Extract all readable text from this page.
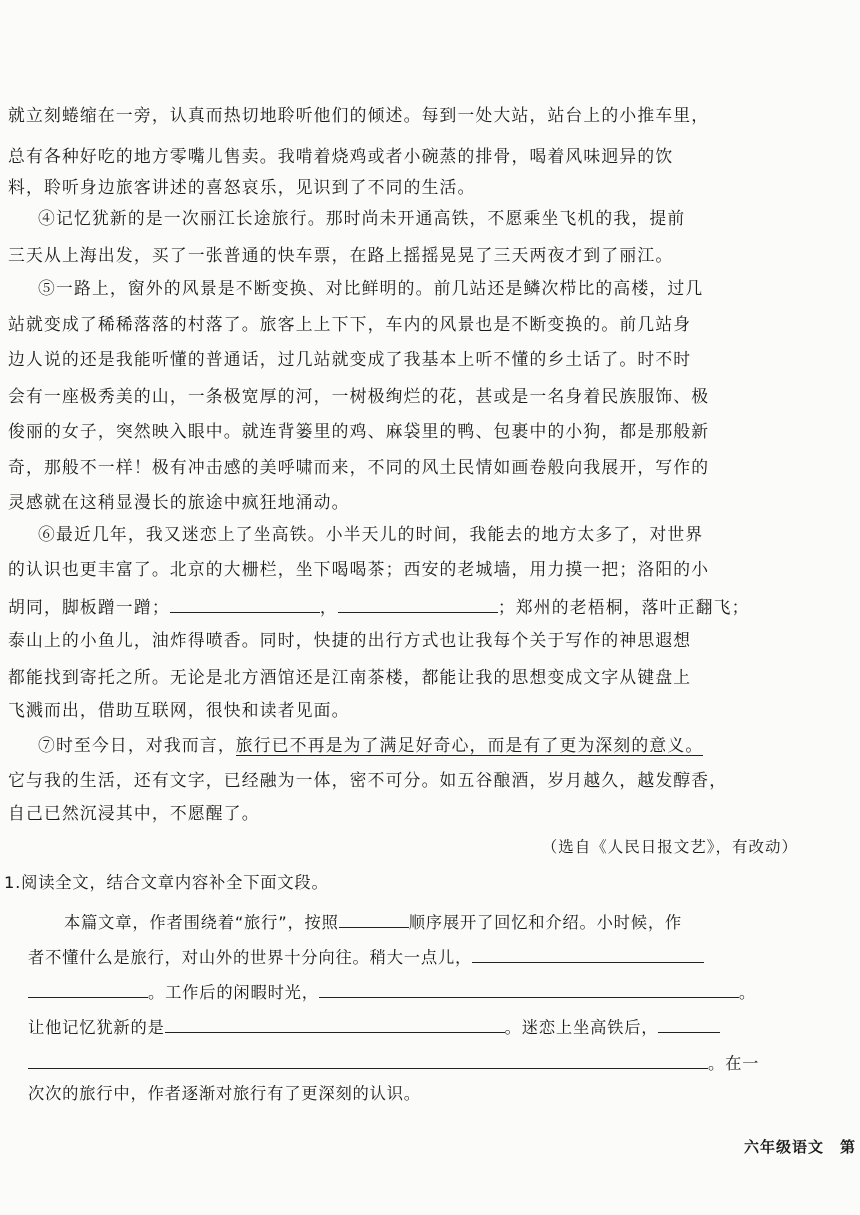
就立刻蜷缩在一旁，认真而热切地聆听他们的倾述。每到一处大站，站台上的小推车里，
总有各种好吃的地方零嘴儿售卖。我啃着烧鸡或者小碗蒸的排骨，喝着风味迥异的饮
料，聆听身边旅客讲述的喜怒哀乐，见识到了不同的生活。
④记忆犹新的是一次丽江长途旅行。那时尚未开通高铁，不愿乘坐飞机的我，提前
三天从上海出发，买了一张普通的快车票，在路上摇摇晃晃了三天两夜才到了丽江。
⑤一路上，窗外的风景是不断变换、对比鲜明的。前几站还是鳞次栉比的高楼，过几
站就变成了稀稀落落的村落了。旅客上上下下，车内的风景也是不断变换的。前几站身
边人说的还是我能听懂的普通话，过几站就变成了我基本上听不懂的乡土话了。时不时
会有一座极秀美的山，一条极宽厚的河，一树极绚烂的花，甚或是一名身着民族服饰、极
俊丽的女子，突然映入眼中。就连背篓里的鸡、麻袋里的鸭、包裹中的小狗，都是那般新
奇，那般不一样！极有冲击感的美呼啸而来，不同的风土民情如画卷般向我展开，写作的
灵感就在这稍显漫长的旅途中疯狂地涌动。
⑥最近几年，我又迷恋上了坐高铁。小半天儿的时间，我能去的地方太多了，对世界
的认识也更丰富了。北京的大栅栏，坐下喝喝茶；西安的老城墙，用力摸一把；洛阳的小
胡同，脚板蹭一蹭；	，	；郑州的老梧桐，落叶正翻飞；
泰山上的小鱼儿，油炸得喷香。同时，快捷的出行方式也让我每个关于写作的神思遐想
都能找到寄托之所。无论是北方酒馆还是江南茶楼，都能让我的思想变成文字从键盘上
飞溅而出，借助互联网，很快和读者见面。
⑦时至今日，对我而言，旅行已不再是为了满足好奇心，而是有了更为深刻的意义。
它与我的生活，还有文字，已经融为一体，密不可分。如五谷酿酒，岁月越久，越发醇香，
自己已然沉浸其中，不愿醒了。
（选自《人民日报文艺》，有改动）
1.阅读全文，结合文章内容补全下面文段。
本篇文章，作者围绕着“旅行”，按照	顺序展开了回忆和介绍。小时候，作
者不懂什么是旅行，对山外的世界十分向往。稍大一点儿，
。工作后的闲暇时光，	。
让他记忆犹新的是	。迷恋上坐高铁后，
。在一
次次的旅行中，作者逐渐对旅行有了更深刻的认识。
六年级语文　第
